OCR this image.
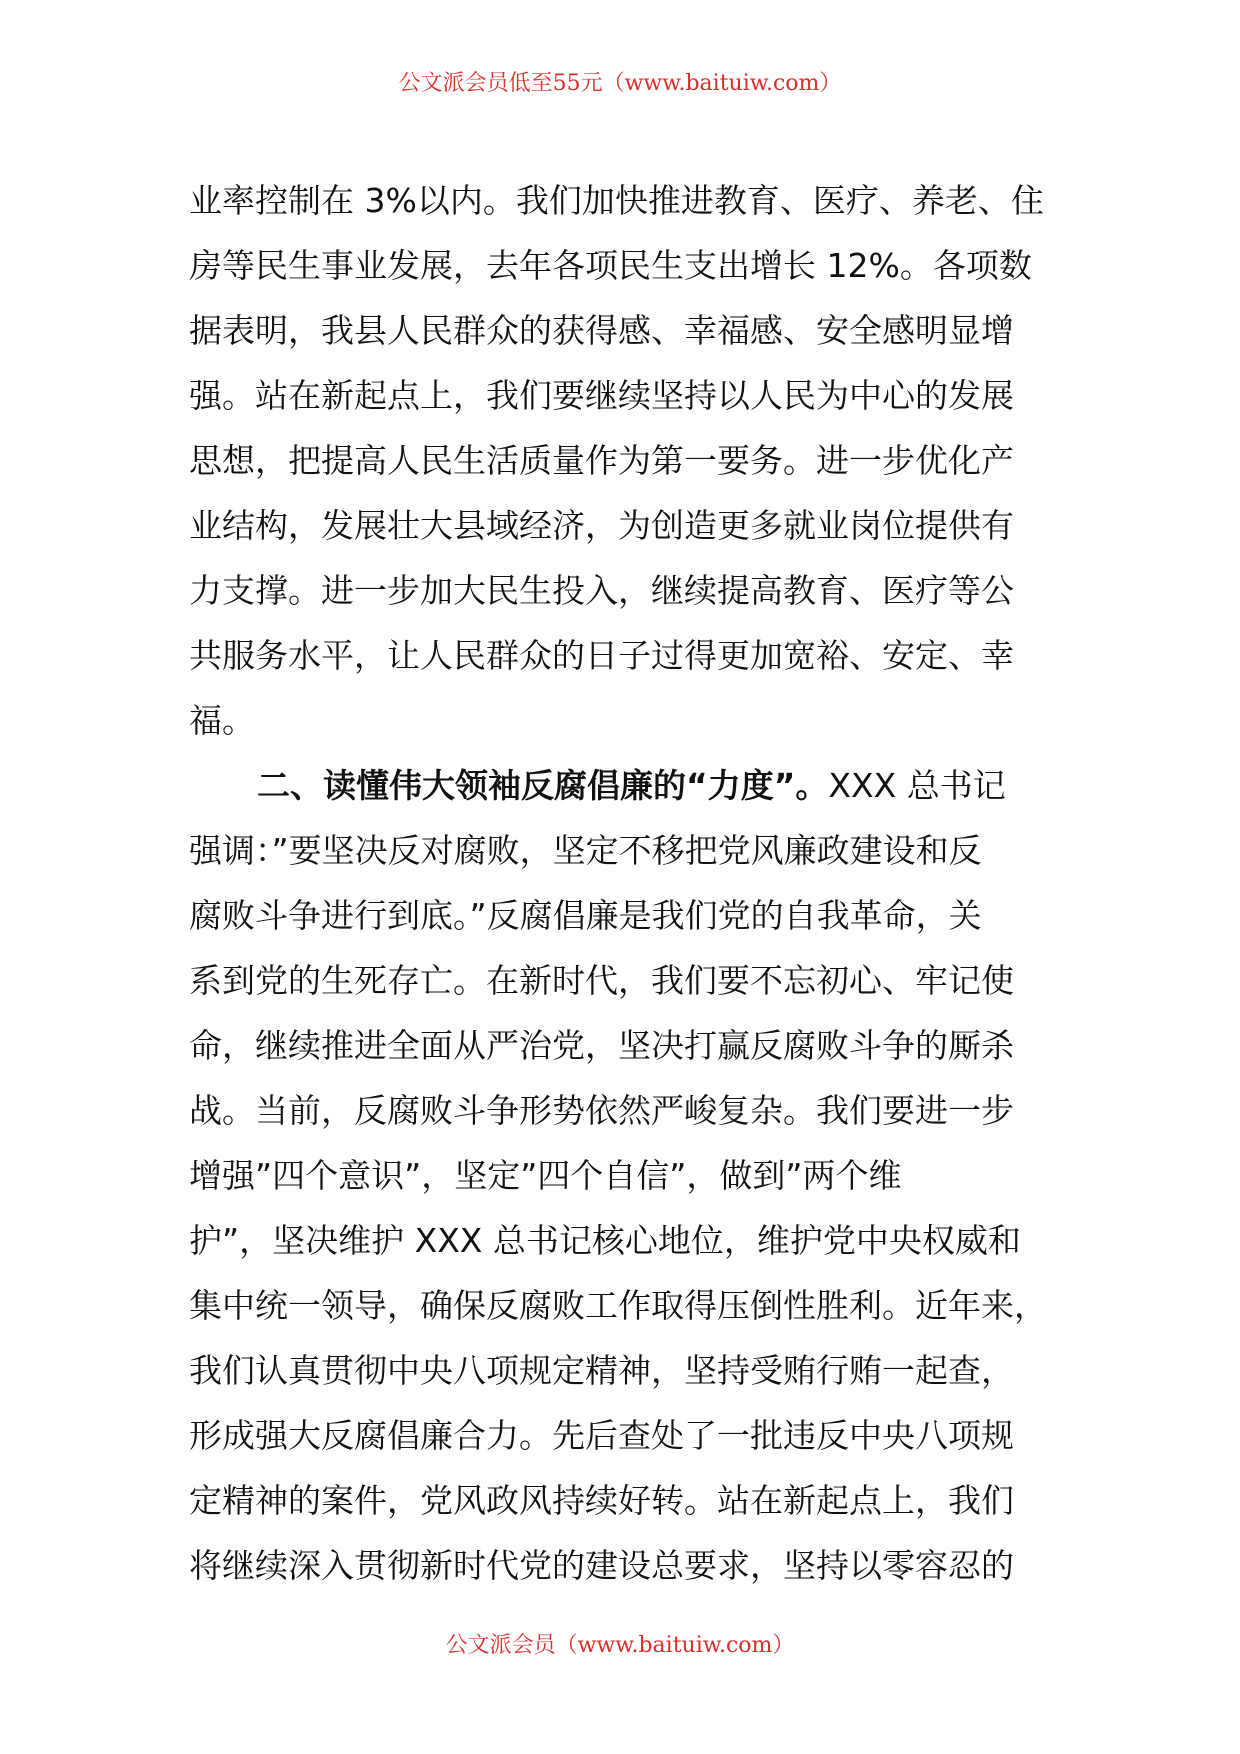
公文派会员低至55元（www.baituiw.com）
业率控制在 3%以内。我们加快推进教育、医疗、养老、住
房等民生事业发展，去年各项民生支出增长 12%。各项数
据表明，我县人民群众的获得感、幸福感、安全感明显增
强。站在新起点上，我们要继续坚持以人民为中心的发展
思想，把提高人民生活质量作为第一要务。进一步优化产
业结构，发展壮大县域经济，为创造更多就业岗位提供有
力支撑。进一步加大民生投入，继续提高教育、医疗等公
共服务水平，让人民群众的日子过得更加宽裕、安定、幸
福。
二、读懂伟大领袖反腐倡廉的“力度”。XXX 总书记
强调：”要坚决反对腐败，坚定不移把党风廉政建设和反
腐败斗争进行到底。”反腐倡廉是我们党的自我革命，关
系到党的生死存亡。在新时代，我们要不忘初心、牢记使
命，继续推进全面从严治党，坚决打赢反腐败斗争的厮杀
战。当前，反腐败斗争形势依然严峻复杂。我们要进一步
增强”四个意识”，坚定”四个自信”，做到”两个维
护”，坚决维护 XXX 总书记核心地位，维护党中央权威和
集中统一领导，确保反腐败工作取得压倒性胜利。近年来，
我们认真贯彻中央八项规定精神，坚持受贿行贿一起查，
形成强大反腐倡廉合力。先后查处了一批违反中央八项规
定精神的案件，党风政风持续好转。站在新起点上，我们
将继续深入贯彻新时代党的建设总要求，坚持以零容忍的
公文派会员（www.baituiw.com）
